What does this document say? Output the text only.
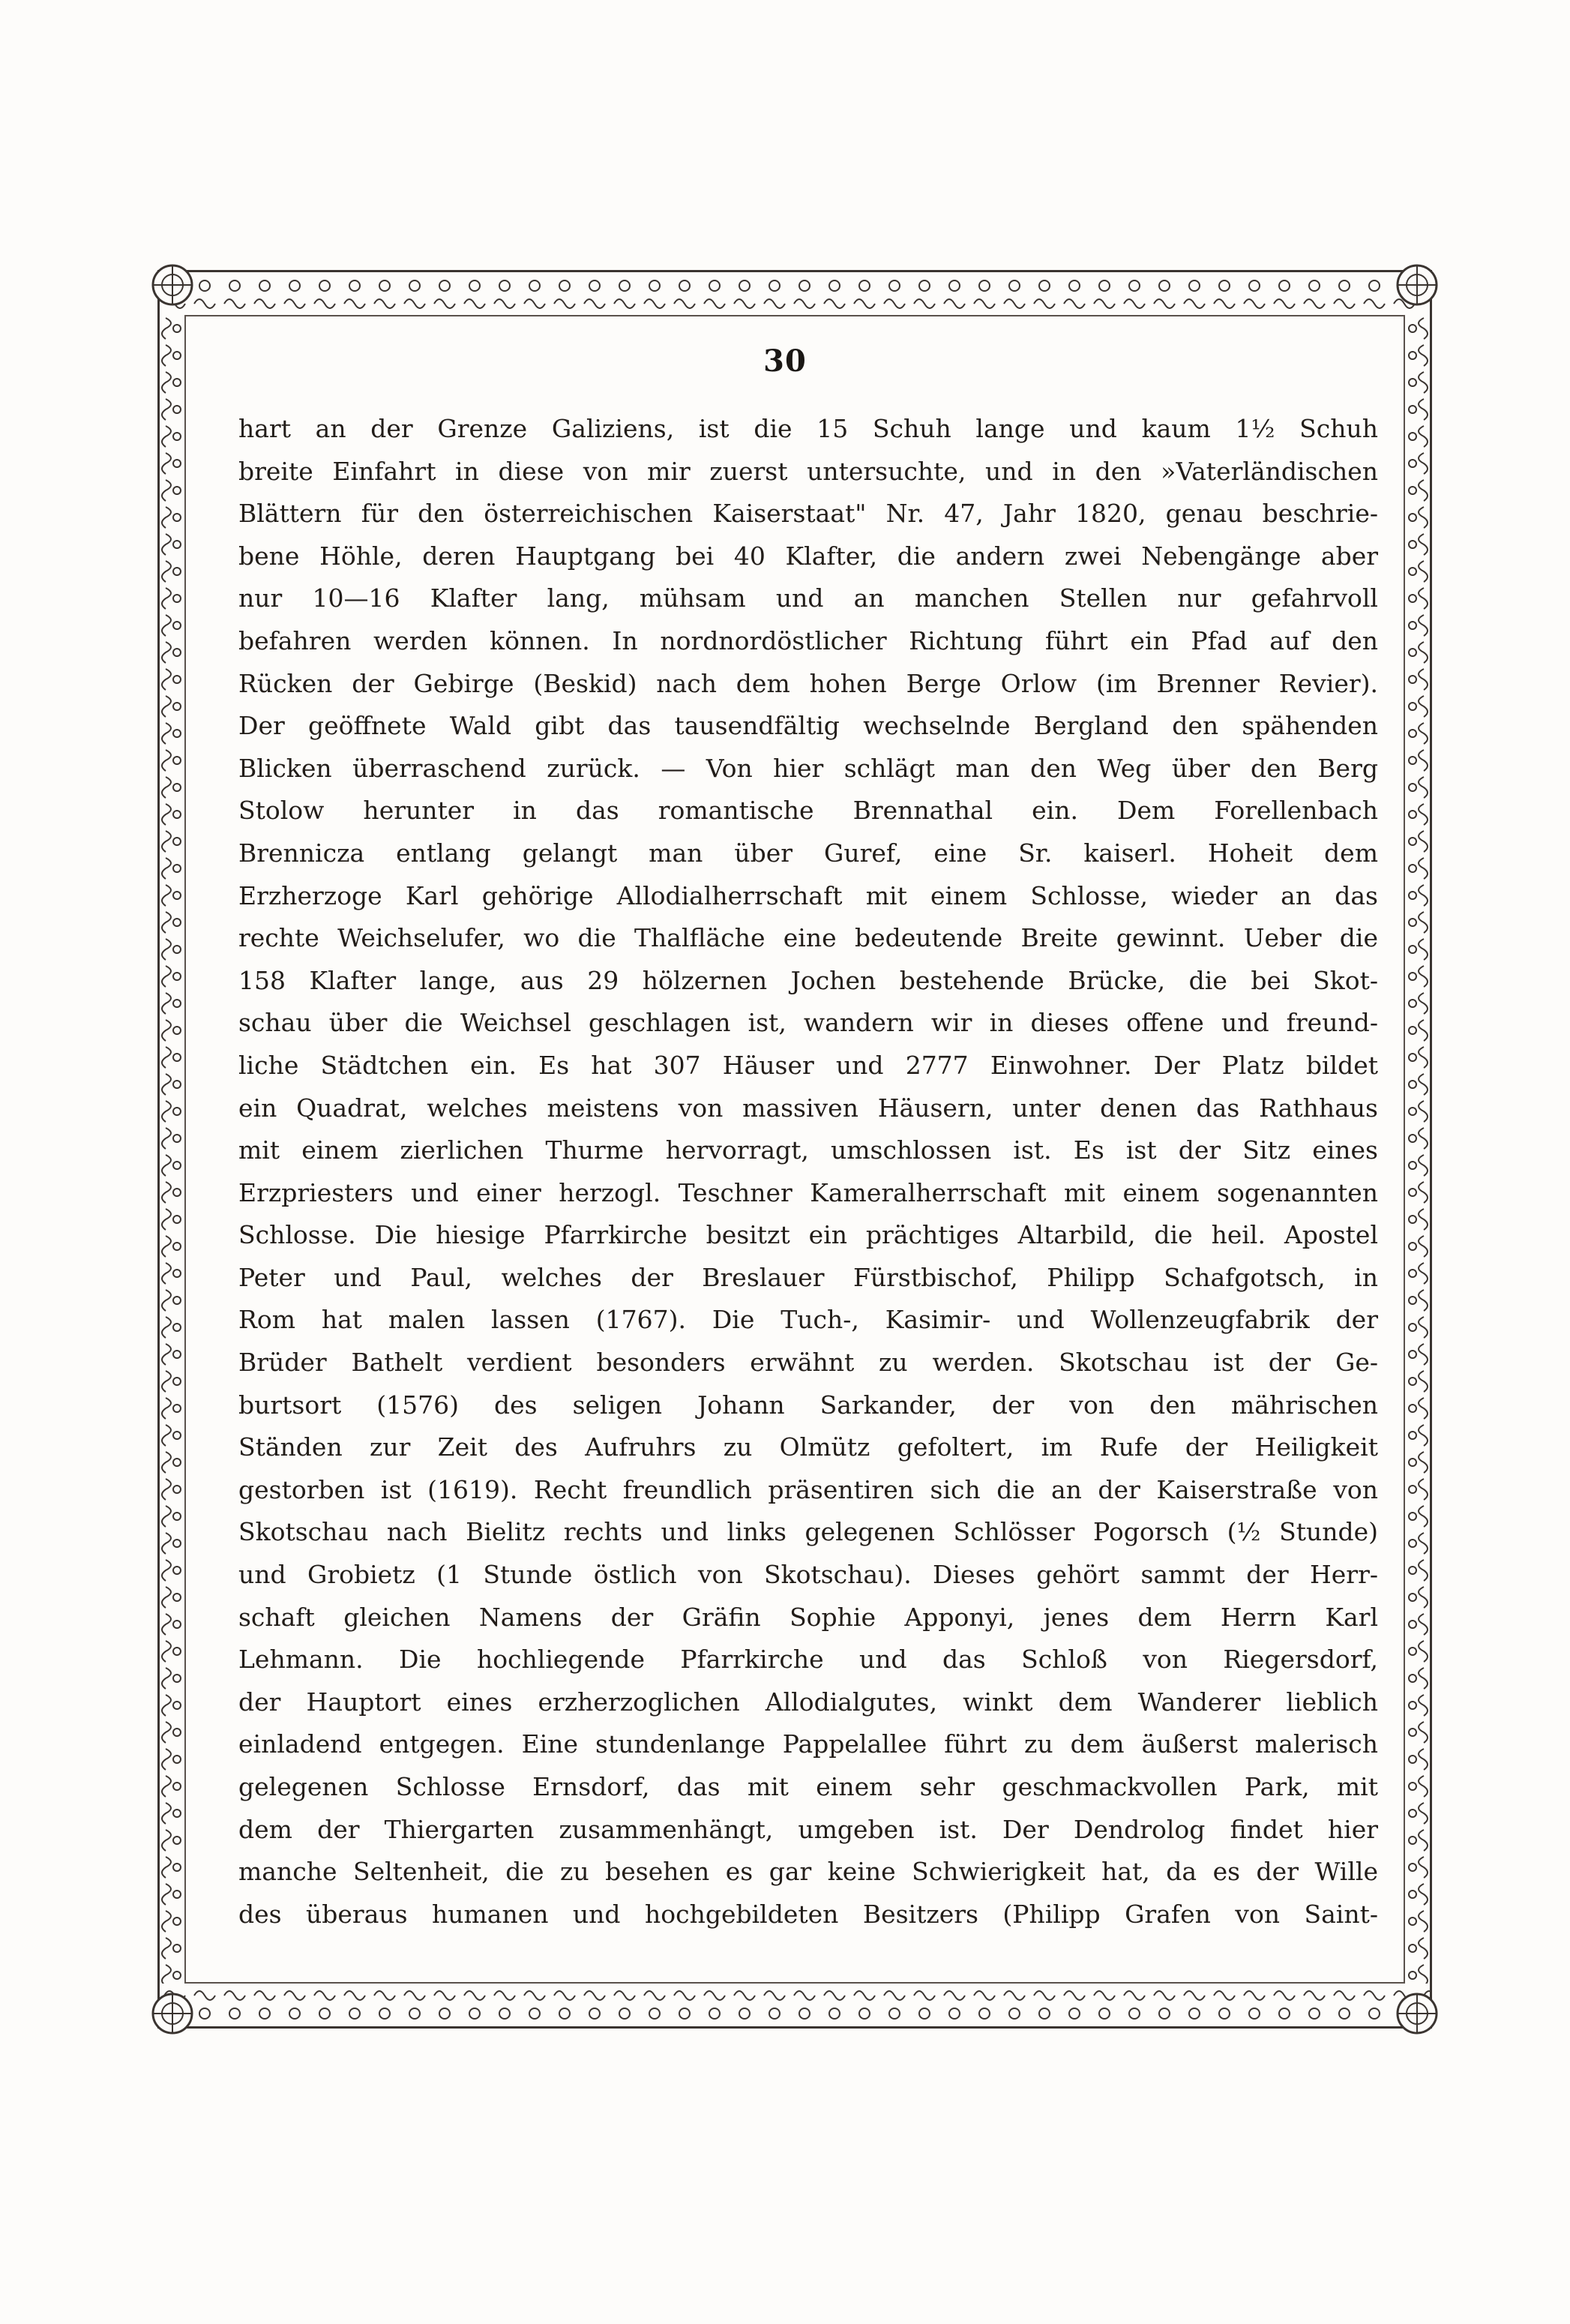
30
hart an der Grenze Galiziens, ist die 15 Schuh lange und kaum 1½ Schuh
breite Einfahrt in diese von mir zuerst untersuchte, und in den »Vaterländischen
Blättern für den österreichischen Kaiserstaat" Nr. 47, Jahr 1820, genau beschrie-
bene Höhle, deren Hauptgang bei 40 Klafter, die andern zwei Nebengänge aber
nur 10—16 Klafter lang, mühsam und an manchen Stellen nur gefahrvoll
befahren werden können. In nordnordöstlicher Richtung führt ein Pfad auf den
Rücken der Gebirge (Beskid) nach dem hohen Berge Orlow (im Brenner Revier).
Der geöffnete Wald gibt das tausendfältig wechselnde Bergland den spähenden
Blicken überraschend zurück. — Von hier schlägt man den Weg über den Berg
Stolow herunter in das romantische Brennathal ein. Dem Forellenbach
Brennicza entlang gelangt man über Guref, eine Sr. kaiserl. Hoheit dem
Erzherzoge Karl gehörige Allodialherrschaft mit einem Schlosse, wieder an das
rechte Weichselufer, wo die Thalfläche eine bedeutende Breite gewinnt. Ueber die
158 Klafter lange, aus 29 hölzernen Jochen bestehende Brücke, die bei Skot-
schau über die Weichsel geschlagen ist, wandern wir in dieses offene und freund-
liche Städtchen ein. Es hat 307 Häuser und 2777 Einwohner. Der Platz bildet
ein Quadrat, welches meistens von massiven Häusern, unter denen das Rathhaus
mit einem zierlichen Thurme hervorragt, umschlossen ist. Es ist der Sitz eines
Erzpriesters und einer herzogl. Teschner Kameralherrschaft mit einem sogenannten
Schlosse. Die hiesige Pfarrkirche besitzt ein prächtiges Altarbild, die heil. Apostel
Peter und Paul, welches der Breslauer Fürstbischof, Philipp Schafgotsch, in
Rom hat malen lassen (1767). Die Tuch-, Kasimir- und Wollenzeugfabrik der
Brüder Bathelt verdient besonders erwähnt zu werden. Skotschau ist der Ge-
burtsort (1576) des seligen Johann Sarkander, der von den mährischen
Ständen zur Zeit des Aufruhrs zu Olmütz gefoltert, im Rufe der Heiligkeit
gestorben ist (1619). Recht freundlich präsentiren sich die an der Kaiserstraße von
Skotschau nach Bielitz rechts und links gelegenen Schlösser Pogorsch (½ Stunde)
und Grobietz (1 Stunde östlich von Skotschau). Dieses gehört sammt der Herr-
schaft gleichen Namens der Gräfin Sophie Apponyi, jenes dem Herrn Karl
Lehmann. Die hochliegende Pfarrkirche und das Schloß von Riegersdorf,
der Hauptort eines erzherzoglichen Allodialgutes, winkt dem Wanderer lieblich
einladend entgegen. Eine stundenlange Pappelallee führt zu dem äußerst malerisch
gelegenen Schlosse Ernsdorf, das mit einem sehr geschmackvollen Park, mit
dem der Thiergarten zusammenhängt, umgeben ist. Der Dendrolog findet hier
manche Seltenheit, die zu besehen es gar keine Schwierigkeit hat, da es der Wille
des überaus humanen und hochgebildeten Besitzers (Philipp Grafen von Saint-
